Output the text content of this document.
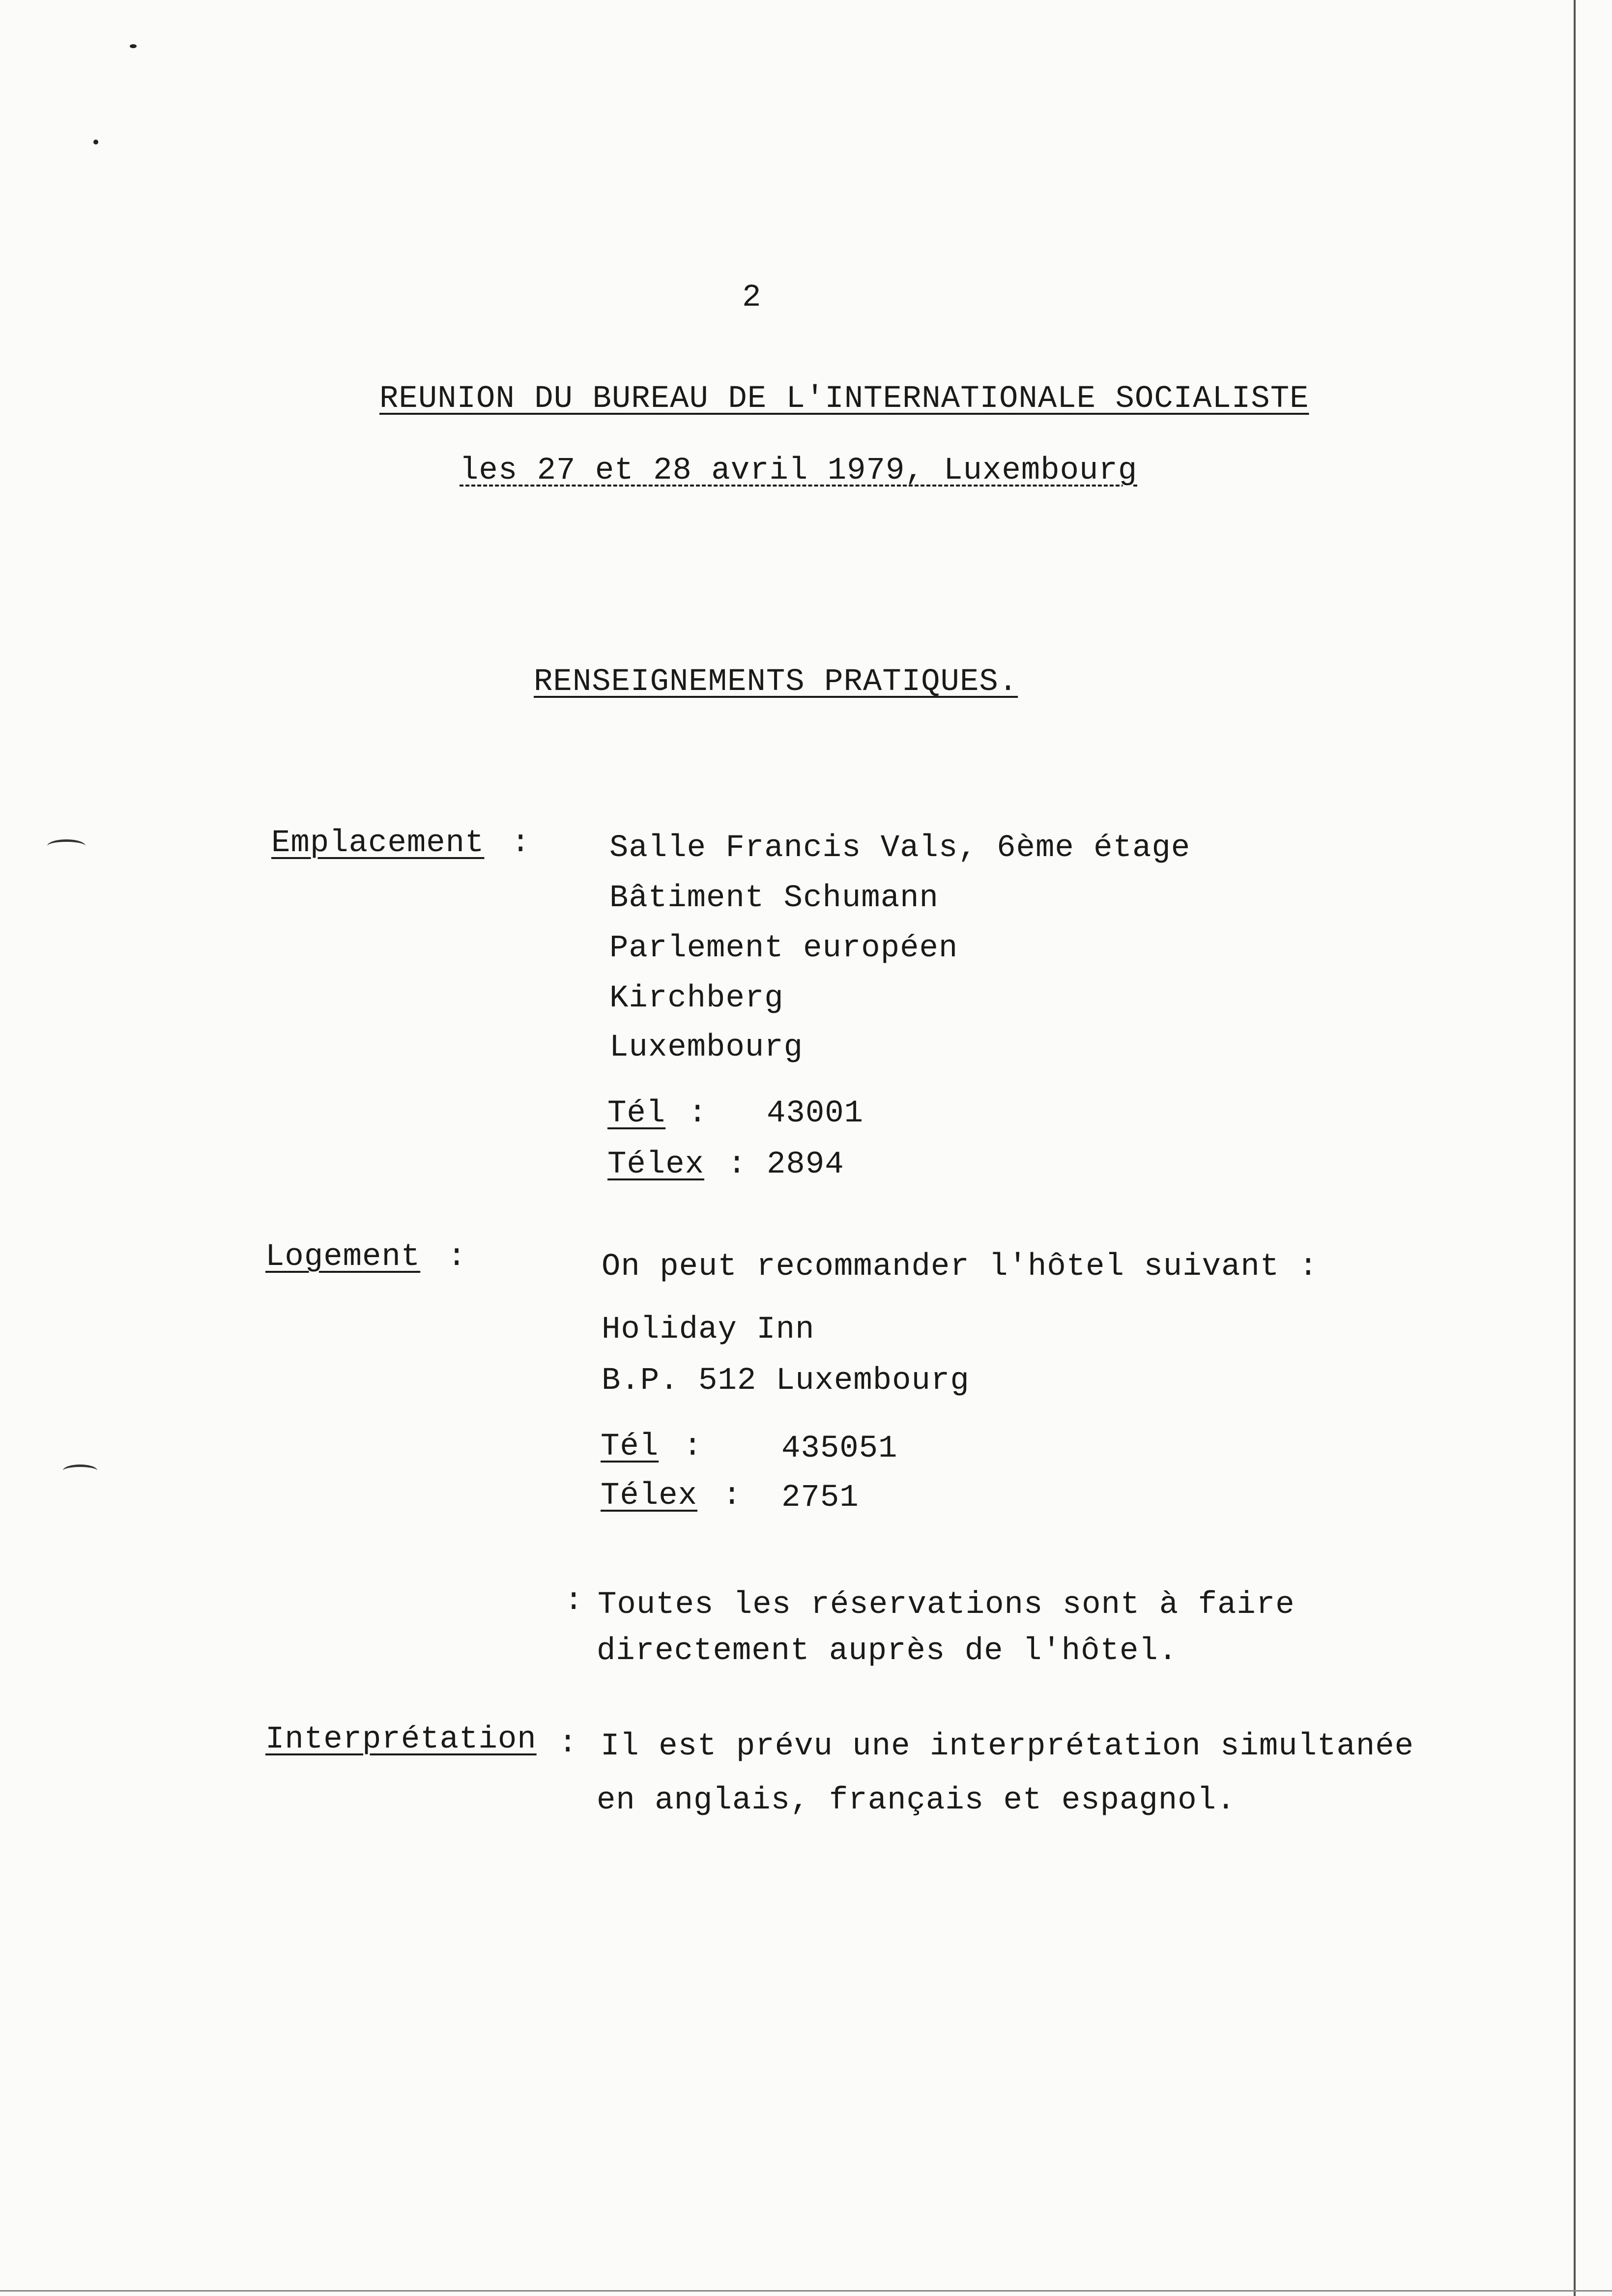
2
REUNION DU BUREAU DE L'INTERNATIONALE SOCIALISTE
les 27 et 28 avril 1979, Luxembourg
RENSEIGNEMENTS PRATIQUES.
Emplacement :	Salle Francis Vals, 6ème étage
Bâtiment Schumann
Parlement européen
Kirchberg
Luxembourg
Tél : 43001
Télex : 2894
Logement :	On peut recommander l'hôtel suivant :
Holiday Inn
B.P. 512 Luxembourg
Tél :	435051
Télex : 2751
: Toutes les réservations sont à faire
directement auprès de l'hôtel.
Interprétation : Il est prévu une interprétation simultanée
en anglais, français et espagnol.
